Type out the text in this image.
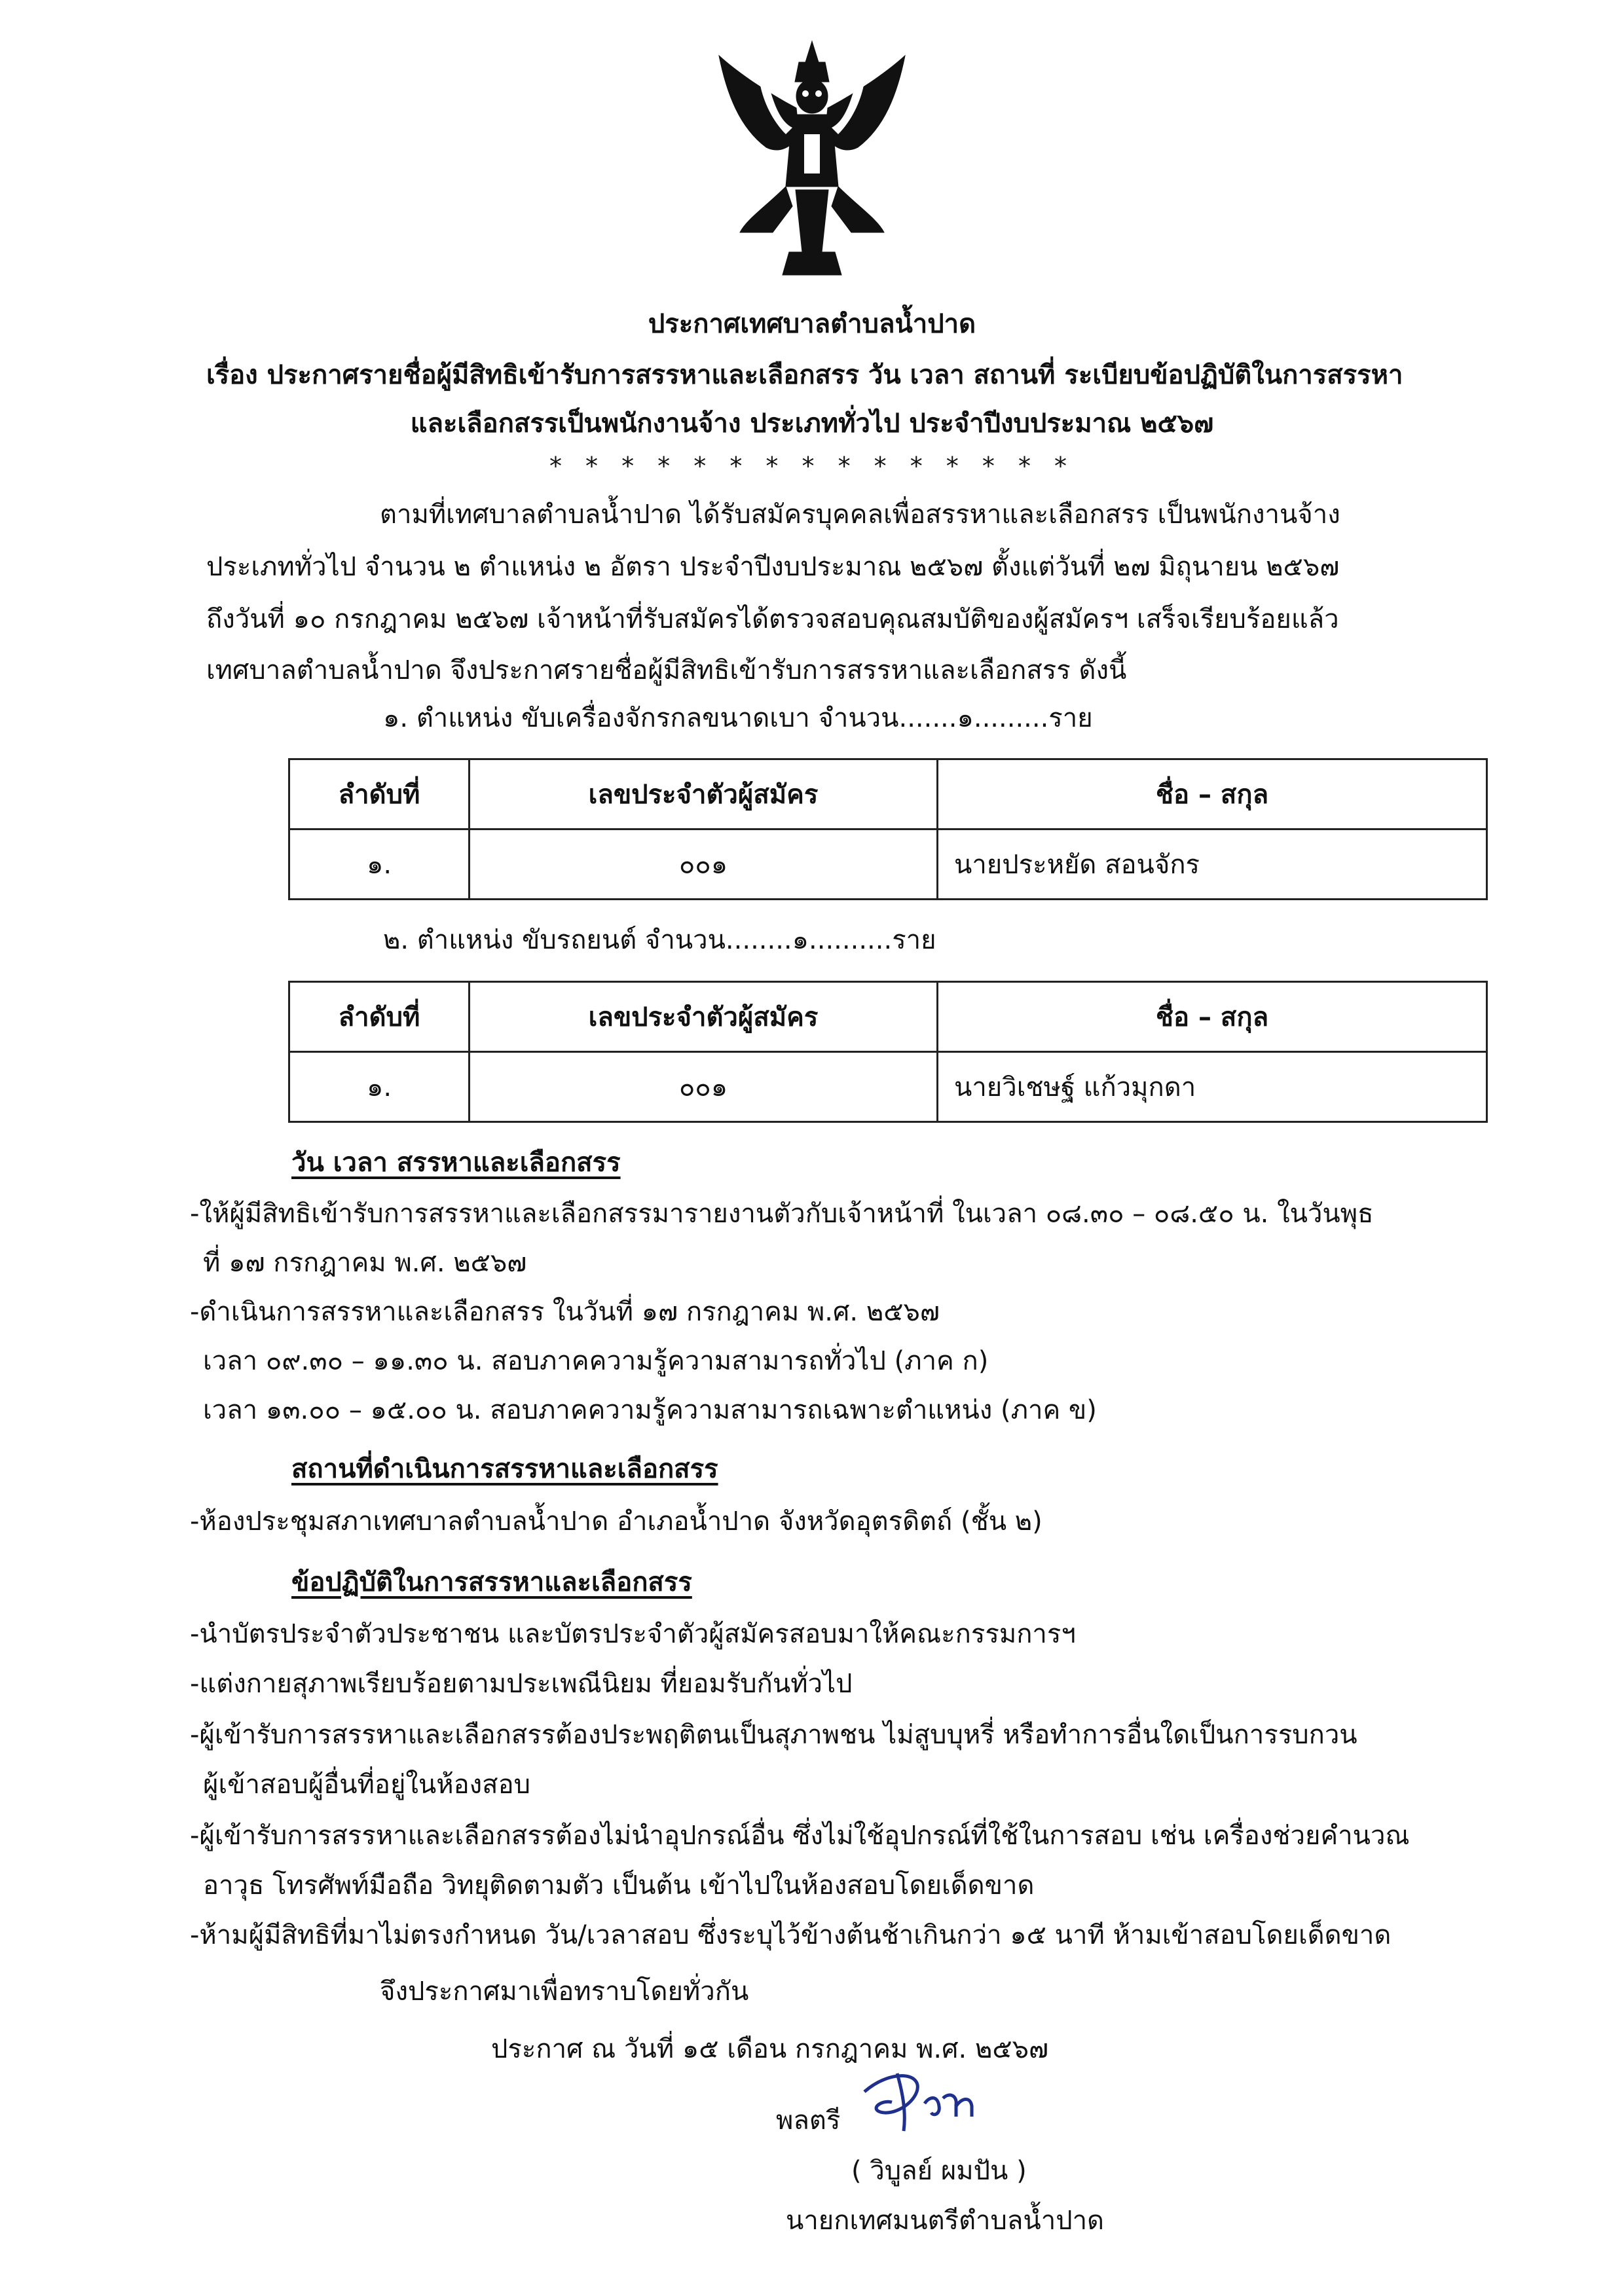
ประกาศเทศบาลตำบลน้ำปาด
เรื่อง ประกาศรายชื่อผู้มีสิทธิเข้ารับการสรรหาและเลือกสรร วัน เวลา สถานที่ ระเบียบข้อปฏิบัติในการสรรหา
และเลือกสรรเป็นพนักงานจ้าง ประเภททั่วไป ประจำปีงบประมาณ ๒๕๖๗
* * * * * * * * * * * * * * *
ตามที่เทศบาลตำบลน้ำปาด ได้รับสมัครบุคคลเพื่อสรรหาและเลือกสรร เป็นพนักงานจ้าง
ประเภททั่วไป จำนวน ๒ ตำแหน่ง ๒ อัตรา ประจำปีงบประมาณ ๒๕๖๗ ตั้งแต่วันที่ ๒๗ มิถุนายน ๒๕๖๗
ถึงวันที่ ๑๐ กรกฎาคม ๒๕๖๗ เจ้าหน้าที่รับสมัครได้ตรวจสอบคุณสมบัติของผู้สมัครฯ เสร็จเรียบร้อยแล้ว
เทศบาลตำบลน้ำปาด จึงประกาศรายชื่อผู้มีสิทธิเข้ารับการสรรหาและเลือกสรร ดังนี้
๑. ตำแหน่ง ขับเครื่องจักรกลขนาดเบา จำนวน.......๑.........ราย
ลำดับที่	เลขประจำตัวผู้สมัคร	ชื่อ – สกุล
๑.	๐๐๑	นายประหยัด สอนจักร
๒. ตำแหน่ง ขับรถยนต์ จำนวน........๑..........ราย
ลำดับที่	เลขประจำตัวผู้สมัคร	ชื่อ – สกุล
๑.	๐๐๑	นายวิเชษฐ์ แก้วมุกดา
วัน เวลา สรรหาและเลือกสรร
-ให้ผู้มีสิทธิเข้ารับการสรรหาและเลือกสรรมารายงานตัวกับเจ้าหน้าที่ ในเวลา ๐๘.๓๐ – ๐๘.๕๐ น. ในวันพุธ
ที่ ๑๗ กรกฎาคม พ.ศ. ๒๕๖๗
-ดำเนินการสรรหาและเลือกสรร ในวันที่ ๑๗ กรกฎาคม พ.ศ. ๒๕๖๗
เวลา ๐๙.๓๐ – ๑๑.๓๐ น. สอบภาคความรู้ความสามารถทั่วไป (ภาค ก)
เวลา ๑๓.๐๐ – ๑๕.๐๐ น. สอบภาคความรู้ความสามารถเฉพาะตำแหน่ง (ภาค ข)
สถานที่ดำเนินการสรรหาและเลือกสรร
-ห้องประชุมสภาเทศบาลตำบลน้ำปาด อำเภอน้ำปาด จังหวัดอุตรดิตถ์ (ชั้น ๒)
ข้อปฏิบัติในการสรรหาและเลือกสรร
-นำบัตรประจำตัวประชาชน และบัตรประจำตัวผู้สมัครสอบมาให้คณะกรรมการฯ
-แต่งกายสุภาพเรียบร้อยตามประเพณีนิยม ที่ยอมรับกันทั่วไป
-ผู้เข้ารับการสรรหาและเลือกสรรต้องประพฤติตนเป็นสุภาพชน ไม่สูบบุหรี่ หรือทำการอื่นใดเป็นการรบกวน
ผู้เข้าสอบผู้อื่นที่อยู่ในห้องสอบ
-ผู้เข้ารับการสรรหาและเลือกสรรต้องไม่นำอุปกรณ์อื่น ซึ่งไม่ใช้อุปกรณ์ที่ใช้ในการสอบ เช่น เครื่องช่วยคำนวณ
อาวุธ โทรศัพท์มือถือ วิทยุติดตามตัว เป็นต้น เข้าไปในห้องสอบโดยเด็ดขาด
-ห้ามผู้มีสิทธิที่มาไม่ตรงกำหนด วัน/เวลาสอบ ซึ่งระบุไว้ข้างต้นช้าเกินกว่า ๑๕ นาที ห้ามเข้าสอบโดยเด็ดขาด
จึงประกาศมาเพื่อทราบโดยทั่วกัน
ประกาศ ณ วันที่ ๑๕ เดือน กรกฎาคม พ.ศ. ๒๕๖๗
พลตรี
( วิบูลย์ ผมปัน )
นายกเทศมนตรีตำบลน้ำปาด
